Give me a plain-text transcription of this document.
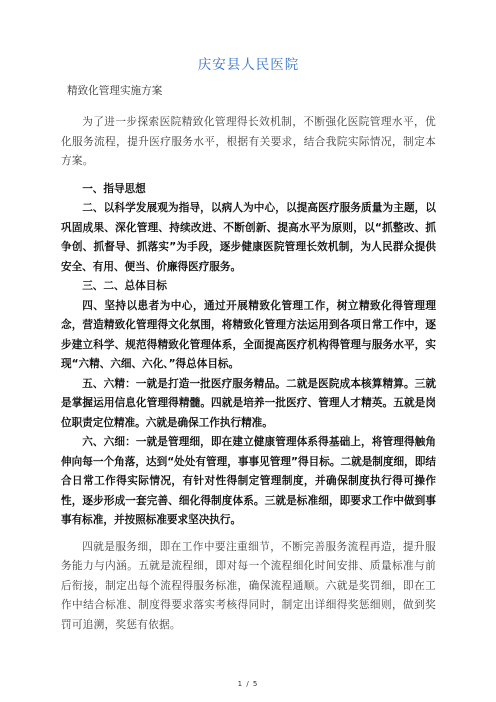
庆安县人民医院
精致化管理实施方案

为了进一步探索医院精致化管理得长效机制，不断强化医院管理水平，优化服务流程，提升医疗服务水平，根据有关要求，结合我院实际情况，制定本方案。

一、指导思想

二、以科学发展观为指导，以病人为中心，以提高医疗服务质量为主题，以巩固成果、深化管理、持续改进、不断创新、提高水平为原则，以“抓整改、抓争创、抓督导、抓落实”为手段，逐步健康医院管理长效机制，为人民群众提供安全、有用、便当、价廉得医疗服务。

三、二、总体目标

四、坚持以患者为中心，通过开展精致化管理工作，树立精致化得管理理念，营造精致化管理得文化氛围，将精致化管理方法运用到各项日常工作中，逐步建立科学、规范得精致化管理体系，全面提高医疗机构得管理与服务水平，实现“六精、六细、六化、”得总体目标。

五、六精：一就是打造一批医疗服务精品。二就是医院成本核算精算。三就是掌握运用信息化管理得精髓。四就是培养一批医疗、管理人才精英。五就是岗位职责定位精准。六就是确保工作执行精准。

六、六细：一就是管理细，即在建立健康管理体系得基础上，将管理得触角伸向每一个角落，达到“处处有管理，事事见管理”得目标。二就是制度细，即结合日常工作得实际情况，有针对性得制定管理制度，并确保制度执行得可操作性，逐步形成一套完善、细化得制度体系。三就是标准细，即要求工作中做到事事有标准，并按照标准要求坚决执行。

四就是服务细，即在工作中要注重细节，不断完善服务流程再造，提升服务能力与内涵。五就是流程细，即对每一个流程细化时间安排、质量标准与前后衔接，制定出每个流程得服务标准，确保流程通顺。六就是奖罚细，即在工作中结合标准、制度得要求落实考核得同时，制定出详细得奖惩细则，做到奖罚可追溯，奖惩有依据。

1 / 5
